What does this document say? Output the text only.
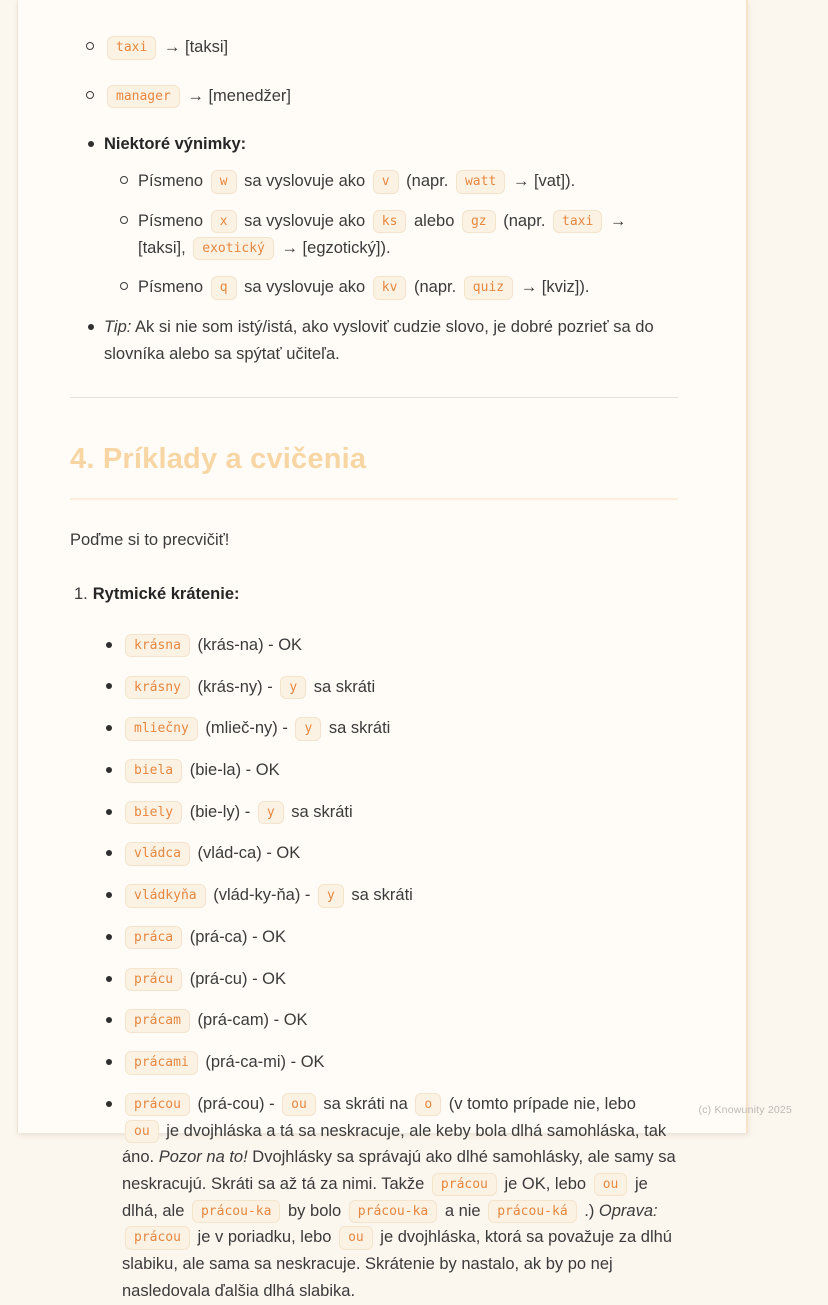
taxi → [taksi]
manager → [menedžer]
Niektoré výnimky:
Písmeno w sa vyslovuje ako v (napr. watt → [vat]).
Písmeno x sa vyslovuje ako ks alebo gz (napr. taxi → [taksi], exotický → [egzotický]).
Písmeno q sa vyslovuje ako kv (napr. quiz → [kviz]).
Tip: Ak si nie som istý/istá, ako vysloviť cudzie slovo, je dobré pozrieť sa do slovníka alebo sa spýtať učiteľa.
4. Príklady a cvičenia

Poďme si to precvičiť!

1. Rytmické krátenie:
krásna (krás-na) - OK
krásny (krás-ny) - y sa skráti
mliečny (mlieč-ny) - y sa skráti
biela (bie-la) - OK
biely (bie-ly) - y sa skráti
vládca (vlád-ca) - OK
vládkyňa (vlád-ky-ňa) - y sa skráti
práca (prá-ca) - OK
prácu (prá-cu) - OK
prácam (prá-cam) - OK
prácami (prá-ca-mi) - OK
prácou (prá-cou) - ou sa skráti na o (v tomto prípade nie, lebo ou je dvojhláska a tá sa neskracuje, ale keby bola dlhá samohláska, tak áno. Pozor na to! Dvojhlásky sa správajú ako dlhé samohlásky, ale samy sa neskracujú. Skráti sa až tá za nimi. Takže prácou je OK, lebo ou je dlhá, ale prácou-ka by bolo prácou-ka a nie prácou-ká .) Oprava: prácou je v poriadku, lebo ou je dvojhláska, ktorá sa považuje za dlhú slabiku, ale sama sa neskracuje. Skrátenie by nastalo, ak by po nej nasledovala ďalšia dlhá slabika.
(c) Knowunity 2025
